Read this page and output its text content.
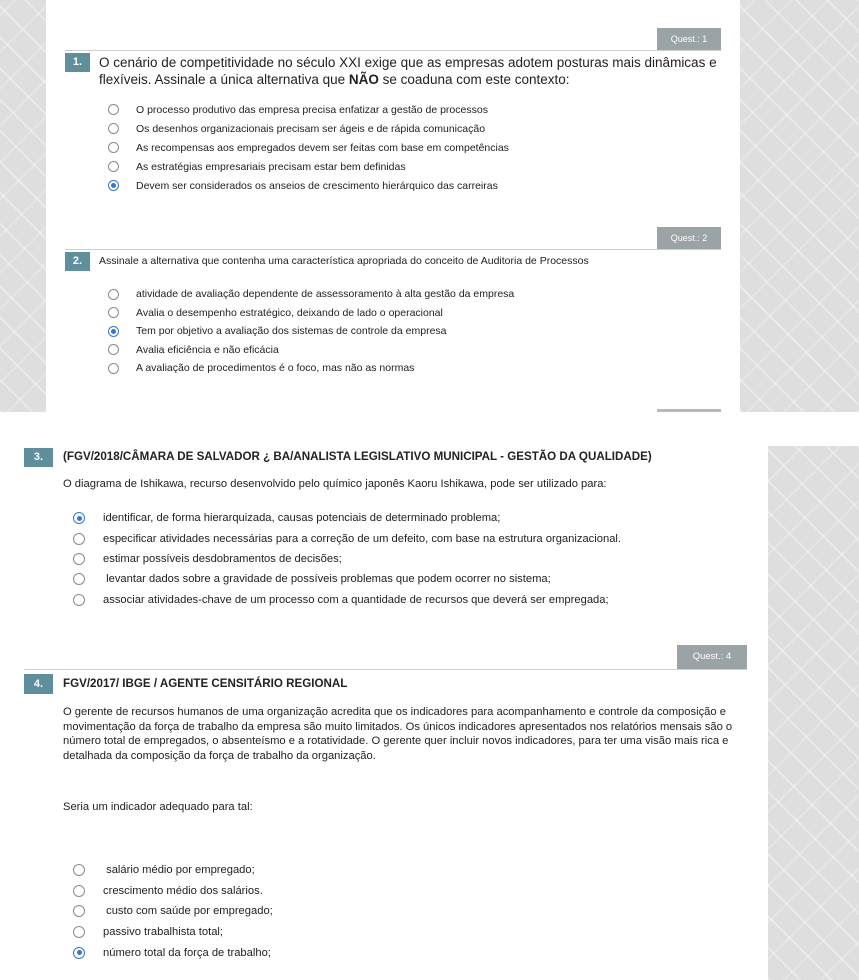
Quest.: 1
1.	O cenário de competitividade no século XXI exige que as empresas adotem posturas mais dinâmicas e flexíveis. Assinale a única alternativa que NÃO se coaduna com este contexto:
O processo produtivo das empresa precisa enfatizar a gestão de processos
Os desenhos organizacionais precisam ser ágeis e de rápida comunicação
As recompensas aos empregados devem ser feitas com base em competências
As estratégias empresariais precisam estar bem definidas
Devem ser considerados os anseios de crescimento hierárquico das carreiras
Quest.: 2
2.	Assinale a alternativa que contenha uma característica apropriada do conceito de Auditoria de Processos
atividade de avaliação dependente de assessoramento à alta gestão da empresa
Avalia o desempenho estratégico, deixando de lado o operacional
Tem por objetivo a avaliação dos sistemas de controle da empresa
Avalia eficiência e não eficácia
A avaliação de procedimentos é o foco, mas não as normas
3.	(FGV/2018/CÂMARA DE SALVADOR ¿ BA/ANALISTA LEGISLATIVO MUNICIPAL - GESTÃO DA QUALIDADE)
O diagrama de Ishikawa, recurso desenvolvido pelo químico japonês Kaoru Ishikawa, pode ser utilizado para:
identificar, de forma hierarquizada, causas potenciais de determinado problema;
especificar atividades necessárias para a correção de um defeito, com base na estrutura organizacional.
estimar possíveis desdobramentos de decisões;
levantar dados sobre a gravidade de possíveis problemas que podem ocorrer no sistema;
associar atividades-chave de um processo com a quantidade de recursos que deverá ser empregada;
Quest.: 4
4.	FGV/2017/ IBGE / AGENTE CENSITÁRIO REGIONAL
O gerente de recursos humanos de uma organização acredita que os indicadores para acompanhamento e controle da composição e movimentação da força de trabalho da empresa são muito limitados. Os únicos indicadores apresentados nos relatórios mensais são o número total de empregados, o absenteísmo e a rotatividade. O gerente quer incluir novos indicadores, para ter uma visão mais rica e detalhada da composição da força de trabalho da organização.
Seria um indicador adequado para tal:
salário médio por empregado;
crescimento médio dos salários.
custo com saúde por empregado;
passivo trabalhista total;
número total da força de trabalho;
